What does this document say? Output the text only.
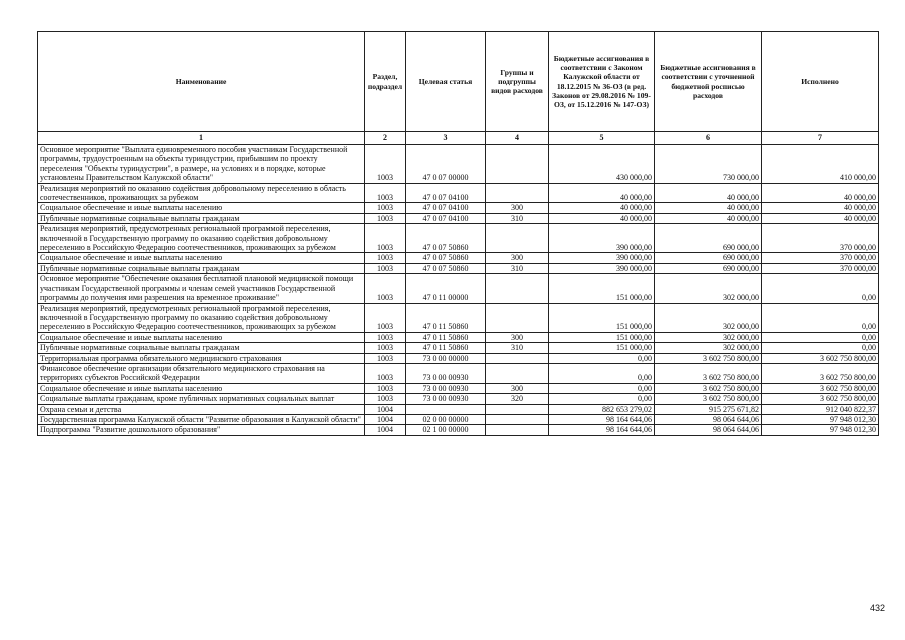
Наименование	Раздел, подраздел	Целевая статья	Группы и подгруппы видов расходов	Бюджетные ассигнования в соответствии с Законом Калужской области от 18.12.2015 № 36-ОЗ (в ред. Законов от 29.08.2016 № 109-ОЗ, от 15.12.2016 № 147-ОЗ)	Бюджетные ассигнования в соответствии с уточненной бюджетной росписью расходов	Исполнено
1	2	3	4	5	6	7
Основное мероприятие "Выплата единовременного пособия участникам Государственной программы, трудоустроенным на объекты туриндустрии, прибывшим по проекту переселения "Объекты туриндустрии", в размере, на условиях и в порядке, которые установлены Правительством Калужской области"	1003	47 0 07 00000		430 000,00	730 000,00	410 000,00
Реализация мероприятий по оказанию содействия добровольному переселению в область соотечественников, проживающих за рубежом	1003	47 0 07 04100		40 000,00	40 000,00	40 000,00
Социальное обеспечение и иные выплаты населению	1003	47 0 07 04100	300	40 000,00	40 000,00	40 000,00
Публичные нормативные социальные выплаты гражданам	1003	47 0 07 04100	310	40 000,00	40 000,00	40 000,00
Реализация мероприятий, предусмотренных региональной программой переселения, включенной в Государственную программу по оказанию содействия добровольному переселению в Российскую Федерацию соотечественников, проживающих за рубежом	1003	47 0 07 50860		390 000,00	690 000,00	370 000,00
Социальное обеспечение и иные выплаты населению	1003	47 0 07 50860	300	390 000,00	690 000,00	370 000,00
Публичные нормативные социальные выплаты гражданам	1003	47 0 07 50860	310	390 000,00	690 000,00	370 000,00
Основное мероприятие "Обеспечение оказания бесплатной плановой медицинской помощи участникам Государственной программы и членам семей участников Государственной программы до получения ими разрешения на временное проживание"	1003	47 0 11 00000		151 000,00	302 000,00	0,00
Реализация мероприятий, предусмотренных региональной программой переселения, включенной в Государственную программу по оказанию содействия добровольному переселению в Российскую Федерацию соотечественников, проживающих за рубежом	1003	47 0 11 50860		151 000,00	302 000,00	0,00
Социальное обеспечение и иные выплаты населению	1003	47 0 11 50860	300	151 000,00	302 000,00	0,00
Публичные нормативные социальные выплаты гражданам	1003	47 0 11 50860	310	151 000,00	302 000,00	0,00
Территориальная программа обязательного медицинского страхования	1003	73 0 00 00000		0,00	3 602 750 800,00	3 602 750 800,00
Финансовое обеспечение организации обязательного медицинского страхования на территориях субъектов Российской Федерации	1003	73 0 00 00930		0,00	3 602 750 800,00	3 602 750 800,00
Социальное обеспечение и иные выплаты населению	1003	73 0 00 00930	300	0,00	3 602 750 800,00	3 602 750 800,00
Социальные выплаты гражданам, кроме публичных нормативных социальных выплат	1003	73 0 00 00930	320	0,00	3 602 750 800,00	3 602 750 800,00
Охрана семьи и детства	1004			882 653 279,02	915 275 671,82	912 040 822,37
Государственная программа Калужской области "Развитие образования в Калужской области"	1004	02 0 00 00000		98 164 644,06	98 064 644,06	97 948 012,30
Подпрограмма "Развитие дошкольного образования"	1004	02 1 00 00000		98 164 644,06	98 064 644,06	97 948 012,30
432
